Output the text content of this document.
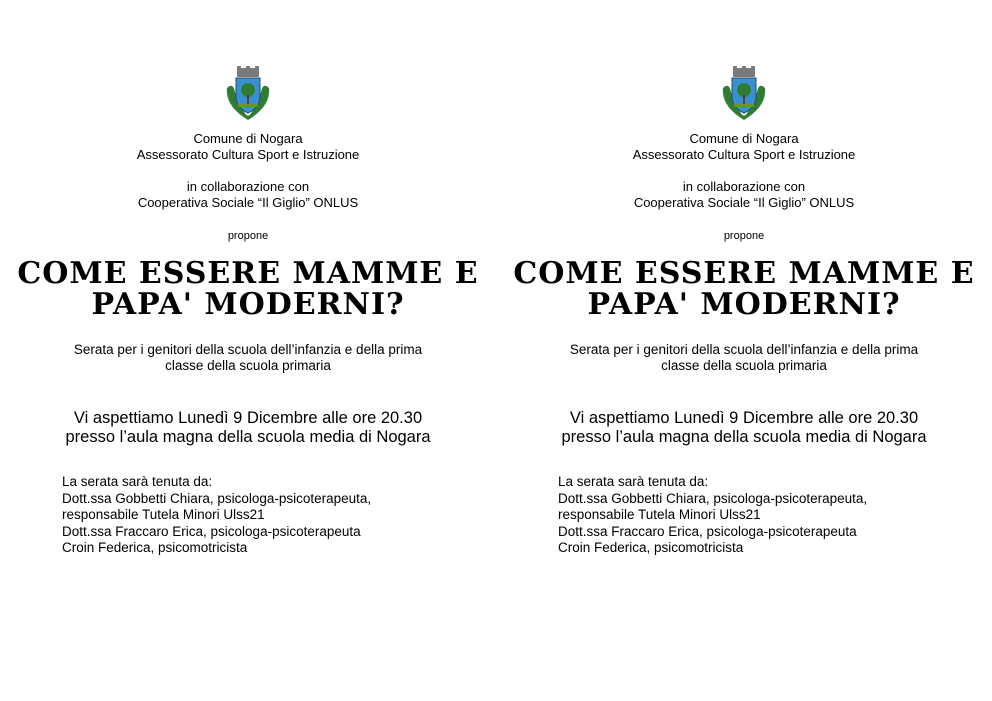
Comune di Nogara
Assessorato Cultura Sport e Istruzione
in collaborazione con
Cooperativa Sociale “Il Giglio” ONLUS
propone
COME ESSERE MAMME E
PAPA' MODERNI?
Serata per i genitori della scuola dell’infanzia e della prima
classe della scuola primaria
Vi aspettiamo Lunedì 9 Dicembre alle ore 20.30
presso l’aula magna della scuola media di Nogara
La serata sarà tenuta da:
Dott.ssa Gobbetti Chiara, psicologa-psicoterapeuta,
responsabile Tutela Minori Ulss21
Dott.ssa Fraccaro Erica, psicologa-psicoterapeuta
Croin Federica, psicomotricista
Comune di Nogara
Assessorato Cultura Sport e Istruzione
in collaborazione con
Cooperativa Sociale “Il Giglio” ONLUS
propone
COME ESSERE MAMME E
PAPA' MODERNI?
Serata per i genitori della scuola dell’infanzia e della prima
classe della scuola primaria
Vi aspettiamo Lunedì 9 Dicembre alle ore 20.30
presso l’aula magna della scuola media di Nogara
La serata sarà tenuta da:
Dott.ssa Gobbetti Chiara, psicologa-psicoterapeuta,
responsabile Tutela Minori Ulss21
Dott.ssa Fraccaro Erica, psicologa-psicoterapeuta
Croin Federica, psicomotricista
